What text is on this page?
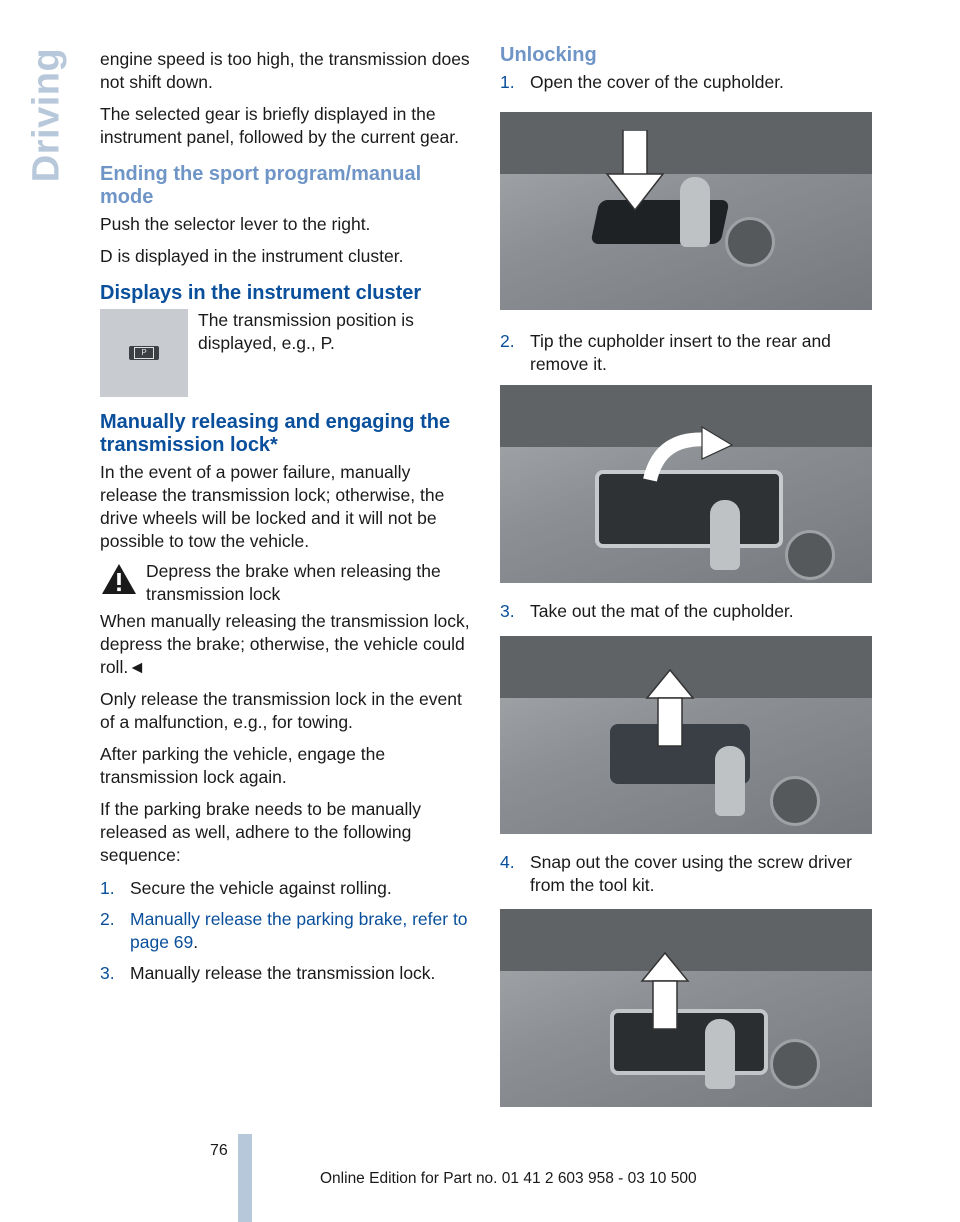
Driving engine speed is too high, the transmission does not shift down.

The selected gear is briefly displayed in the instrument panel, followed by the current gear.

Ending the sport program/manual mode

Push the selector lever to the right.

D is displayed in the instrument cluster.

Displays in the instrument cluster
P
The transmission position is displayed, e.g., P.
Manually releasing and engaging the transmission lock*

In the event of a power failure, manually release the transmission lock; otherwise, the drive wheels will be locked and it will not be possible to tow the vehicle.

Depress the brake when releasing the transmission lock

When manually releasing the transmission lock, depress the brake; otherwise, the vehicle could roll.◄

Only release the transmission lock in the event of a malfunction, e.g., for towing.

After parking the vehicle, engage the transmission lock again.

If the parking brake needs to be manually released as well, adhere to the following sequence:

1. Secure the vehicle against rolling.
2. Manually release the parking brake, refer to page 69.
3. Manually release the transmission lock.
Unlocking
1. Open the cover of the cupholder.
2. Tip the cupholder insert to the rear and remove it.
3. Take out the mat of the cupholder.
4. Snap out the cover using the screw driver from the tool kit.
76
Online Edition for Part no. 01 41 2 603 958 - 03 10 500
